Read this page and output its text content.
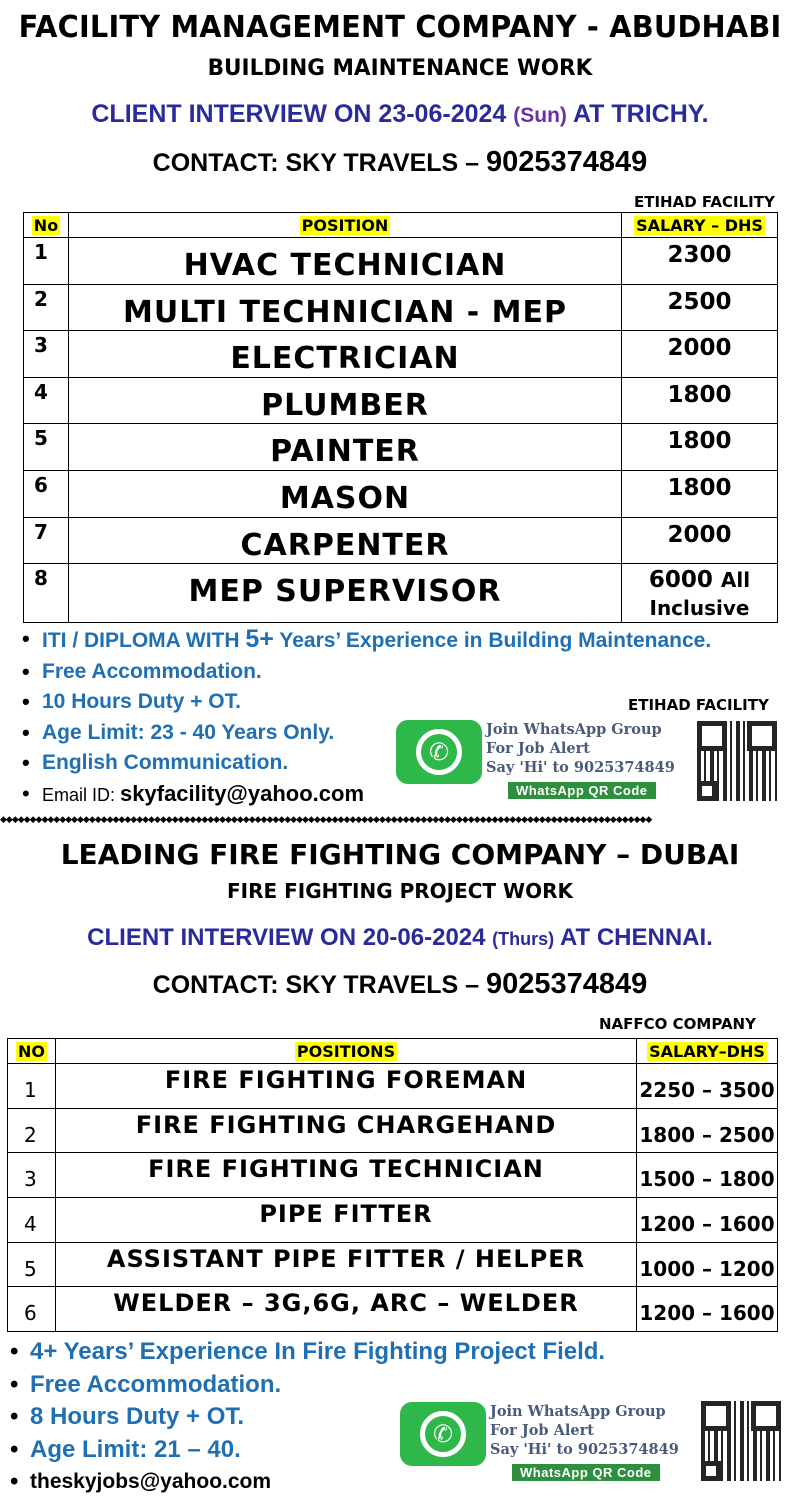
FACILITY MANAGEMENT COMPANY - ABUDHABI
BUILDING MAINTENANCE WORK
CLIENT INTERVIEW ON 23-06-2024 (Sun) AT TRICHY.
CONTACT: SKY TRAVELS – 9025374849
ETIHAD FACILITY
No	POSITION	SALARY – DHS
1	HVAC TECHNICIAN	2300
2	MULTI TECHNICIAN - MEP	2500
3	ELECTRICIAN	2000
4	PLUMBER	1800
5	PAINTER	1800
6	MASON	1800
7	CARPENTER	2000
8	MEP SUPERVISOR	6000 All
Inclusive
• ITI / DIPLOMA WITH 5+ Years’ Experience in Building Maintenance.
• Free Accommodation.
• 10 Hours Duty + OT.
• Age Limit: 23 - 40 Years Only.
• English Communication.
• Email ID: skyfacility@yahoo.com
ETIHAD FACILITY
✆
Join WhatsApp Group
For Job Alert
Say 'Hi' to 9025374849
WhatsApp QR Code
◆◆◆◆◆◆◆◆◆◆◆◆◆◆◆◆◆◆◆◆◆◆◆◆◆◆◆◆◆◆◆◆◆◆◆◆◆◆◆◆◆◆◆◆◆◆◆◆◆◆◆◆◆◆◆◆◆◆◆◆◆◆◆◆◆◆◆◆◆◆◆◆◆◆◆◆◆◆◆◆◆◆◆◆◆◆◆◆◆◆◆◆◆◆◆◆◆◆◆◆◆◆◆◆◆◆◆◆◆◆
LEADING FIRE FIGHTING COMPANY – DUBAI
FIRE FIGHTING PROJECT WORK
CLIENT INTERVIEW ON 20-06-2024 (Thurs) AT CHENNAI.
CONTACT: SKY TRAVELS – 9025374849
NAFFCO COMPANY
NO	POSITIONS	SALARY–DHS
1	FIRE FIGHTING FOREMAN	2250 – 3500
2	FIRE FIGHTING CHARGEHAND	1800 – 2500
3	FIRE FIGHTING TECHNICIAN	1500 – 1800
4	PIPE FITTER	1200 – 1600
5	ASSISTANT PIPE FITTER / HELPER	1000 – 1200
6	WELDER – 3G,6G, ARC – WELDER	1200 – 1600
• 4+ Years’ Experience In Fire Fighting Project Field.
• Free Accommodation.
• 8 Hours Duty + OT.
• Age Limit: 21 – 40.
• theskyjobs@yahoo.com
✆
Join WhatsApp Group
For Job Alert
Say 'Hi' to 9025374849
WhatsApp QR Code
